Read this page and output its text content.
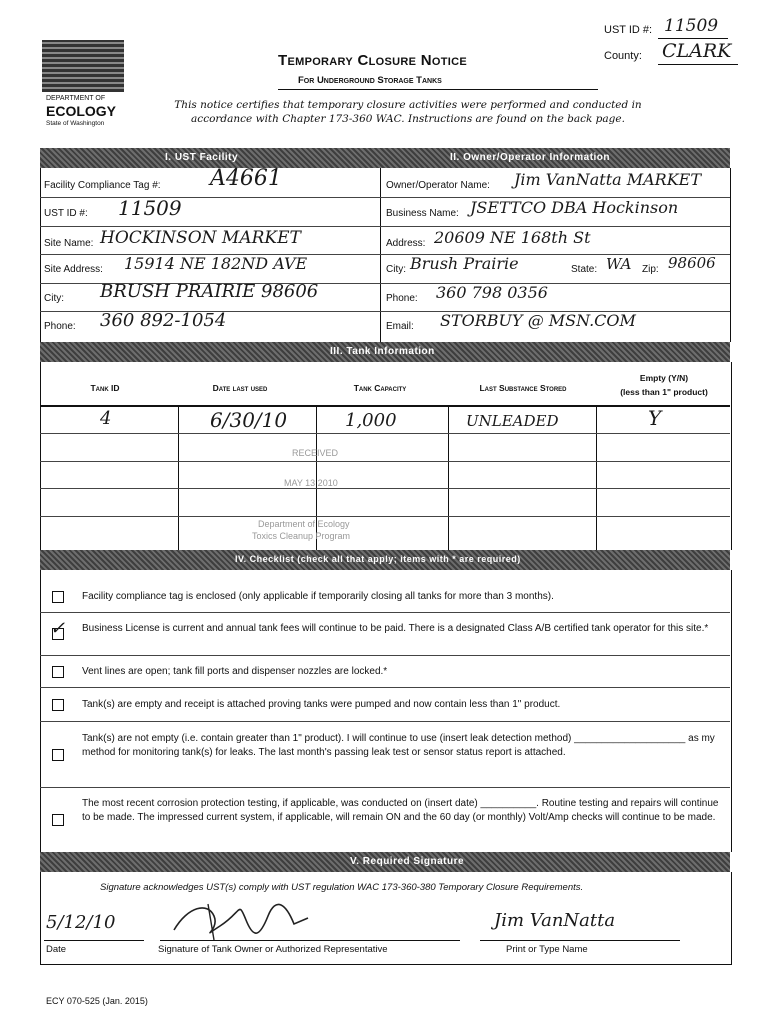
DEPARTMENT OF
ECOLOGY
State of Washington
Temporary Closure Notice
For Underground Storage Tanks
This notice certifies that temporary closure activities were performed and conducted in accordance with Chapter 173-360 WAC. Instructions are found on the back page.
UST ID #: 11509
County: CLARK
I. UST Facility	II. Owner/Operator Information
Facility Compliance Tag #: A4661
UST ID #: 11509
Site Name: HOCKINSON MARKET
Site Address: 15914 NE 182ND AVE
City: BRUSH PRAIRIE 98606
Phone: 360 892-1054
Owner/Operator Name: Jim VanNatta MARKET
Business Name: JSETTCO DBA Hockinson
Address: 20609 NE 168th St
City: Brush Prairie	State: WA Zip: 98606
Phone: 360 798 0356
Email: STORBUY @ MSN.COM
III. Tank Information
Tank ID	Date last used	Tank Capacity	Last Substance Stored
Empty (Y/N)
(less than 1" product)
4	6/30/10	1,000	UNLEADED	Y
RECEIVED
MAY 13 2010
Department of Ecology
Toxics Cleanup Program
IV. Checklist (check all that apply; items with * are required)
Facility compliance tag is enclosed (only applicable if temporarily closing all tanks for more than 3 months).
✓ Business License is current and annual tank fees will continue to be paid. There is a designated Class A/B certified tank operator for this site.*
Vent lines are open; tank fill ports and dispenser nozzles are locked.*
Tank(s) are empty and receipt is attached proving tanks were pumped and now contain less than 1" product.
Tank(s) are not empty (i.e. contain greater than 1" product). I will continue to use (insert leak detection method) ____________________ as my method for monitoring tank(s) for leaks. The last month's passing leak test or sensor status report is attached.
The most recent corrosion protection testing, if applicable, was conducted on (insert date) __________. Routine testing and repairs will continue to be made. The impressed current system, if applicable, will remain ON and the 60 day (or monthly) Volt/Amp checks will continue to be made.
V. Required Signature
Signature acknowledges UST(s) comply with UST regulation WAC 173-360-380 Temporary Closure Requirements.
5/12/10
Date	Signature of Tank Owner or Authorized Representative
Jim VanNatta
Print or Type Name
ECY 070-525 (Jan. 2015)
